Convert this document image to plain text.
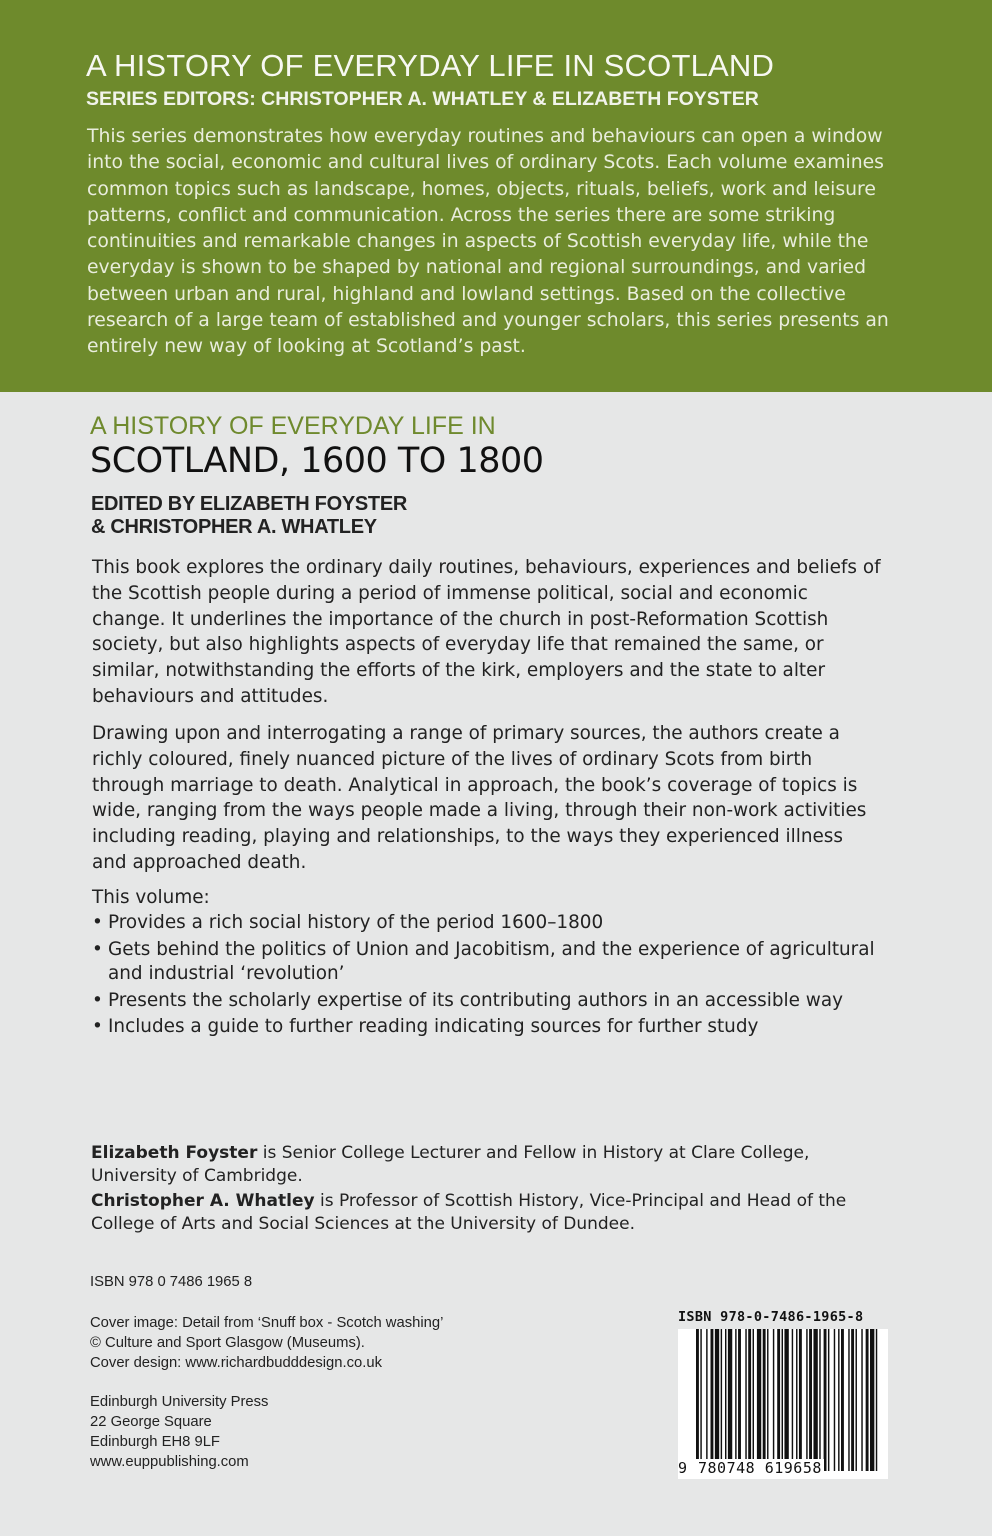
A HISTORY OF EVERYDAY LIFE IN SCOTLAND
SERIES EDITORS: CHRISTOPHER A. WHATLEY & ELIZABETH FOYSTER

This series demonstrates how everyday routines and behaviours can open a window into the social, economic and cultural lives of ordinary Scots. Each volume examines common topics such as landscape, homes, objects, rituals, beliefs, work and leisure patterns, conflict and communication. Across the series there are some striking continuities and remarkable changes in aspects of Scottish everyday life, while the everyday is shown to be shaped by national and regional surroundings, and varied between urban and rural, highland and lowland settings. Based on the collective research of a large team of established and younger scholars, this series presents an entirely new way of looking at Scotland’s past.

A HISTORY OF EVERYDAY LIFE IN
SCOTLAND, 1600 TO 1800
EDITED BY ELIZABETH FOYSTER
& CHRISTOPHER A. WHATLEY

This book explores the ordinary daily routines, behaviours, experiences and beliefs of the Scottish people during a period of immense political, social and economic change. It underlines the importance of the church in post-Reformation Scottish society, but also highlights aspects of everyday life that remained the same, or similar, notwithstanding the efforts of the kirk, employers and the state to alter behaviours and attitudes.

Drawing upon and interrogating a range of primary sources, the authors create a richly coloured, finely nuanced picture of the lives of ordinary Scots from birth through marriage to death. Analytical in approach, the book’s coverage of topics is wide, ranging from the ways people made a living, through their non-work activities including reading, playing and relationships, to the ways they experienced illness and approached death.

This volume:
• Provides a rich social history of the period 1600–1800
• Gets behind the politics of Union and Jacobitism, and the experience of agricultural and industrial ‘revolution’
• Presents the scholarly expertise of its contributing authors in an accessible way
• Includes a guide to further reading indicating sources for further study

Elizabeth Foyster is Senior College Lecturer and Fellow in History at Clare College, University of Cambridge.

Christopher A. Whatley is Professor of Scottish History, Vice-Principal and Head of the College of Arts and Social Sciences at the University of Dundee.

ISBN 978 0 7486 1965 8
Cover image: Detail from ‘Snuff box - Scotch washing’
© Culture and Sport Glasgow (Museums).
Cover design: www.richardbudddesign.co.uk
Edinburgh University Press
22 George Square
Edinburgh EH8 9LF
www.euppublishing.com
ISBN 978-0-7486-1965-8
9 780748 619658
